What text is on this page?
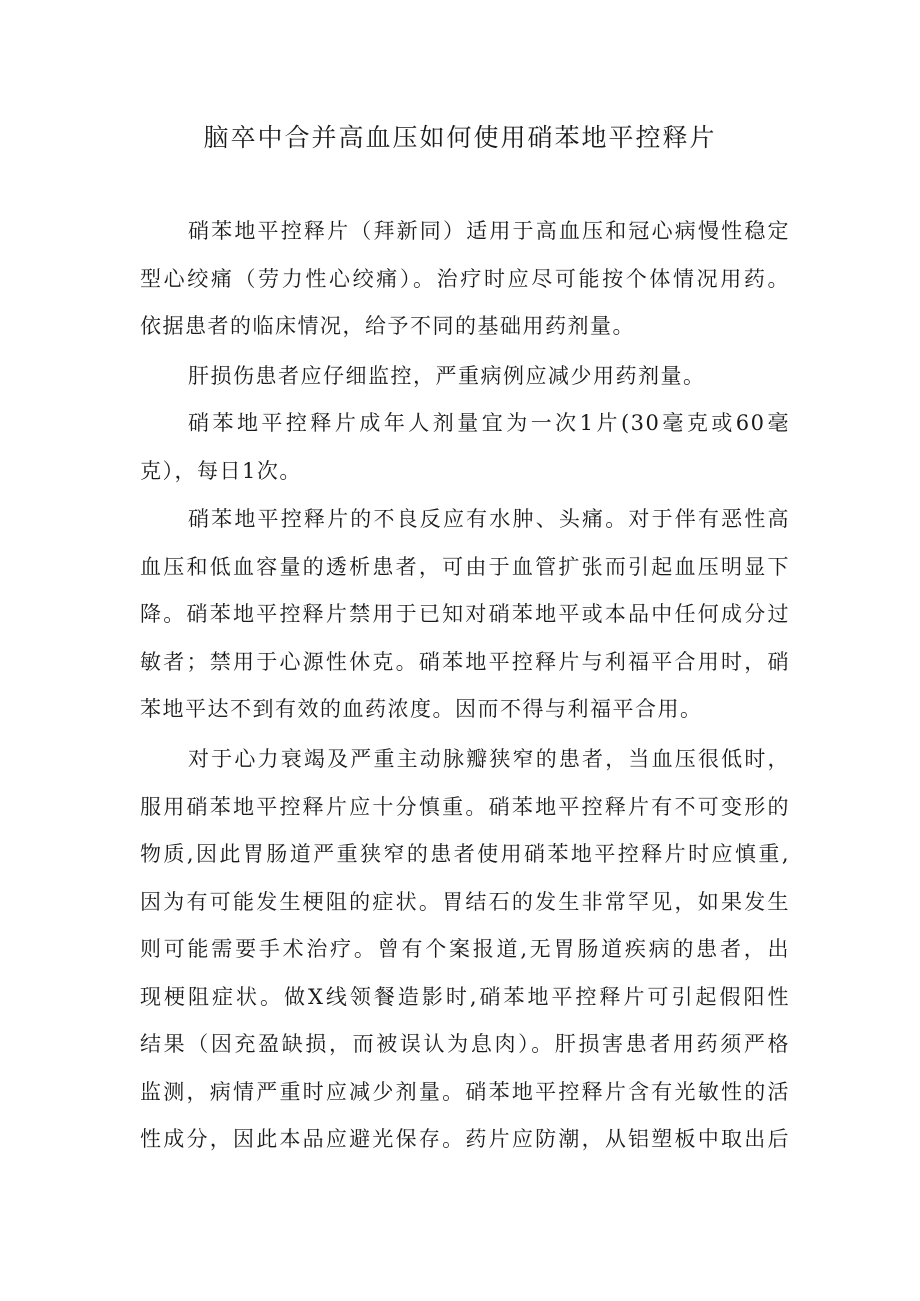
脑卒中合并高血压如何使用硝苯地平控释片
硝苯地平控释片（拜新同）适用于高血压和冠心病慢性稳定
型心绞痛（劳力性心绞痛）。治疗时应尽可能按个体情况用药。
依据患者的临床情况，给予不同的基础用药剂量。
肝损伤患者应仔细监控，严重病例应减少用药剂量。
硝苯地平控释片成年人剂量宜为一次1片(30毫克或60毫
克），每日1次。
硝苯地平控释片的不良反应有水肿、头痛。对于伴有恶性高
血压和低血容量的透析患者，可由于血管扩张而引起血压明显下
降。硝苯地平控释片禁用于已知对硝苯地平或本品中任何成分过
敏者；禁用于心源性休克。硝苯地平控释片与利福平合用时，硝
苯地平达不到有效的血药浓度。因而不得与利福平合用。
对于心力衰竭及严重主动脉瓣狭窄的患者，当血压很低时，
服用硝苯地平控释片应十分慎重。硝苯地平控释片有不可变形的
物质,因此胃肠道严重狭窄的患者使用硝苯地平控释片时应慎重,
因为有可能发生梗阻的症状。胃结石的发生非常罕见，如果发生
则可能需要手术治疗。曾有个案报道,无胃肠道疾病的患者，出
现梗阻症状。做X线领餐造影时,硝苯地平控释片可引起假阳性
结果（因充盈缺损，而被误认为息肉）。肝损害患者用药须严格
监测，病情严重时应减少剂量。硝苯地平控释片含有光敏性的活
性成分，因此本品应避光保存。药片应防潮，从铝塑板中取出后
